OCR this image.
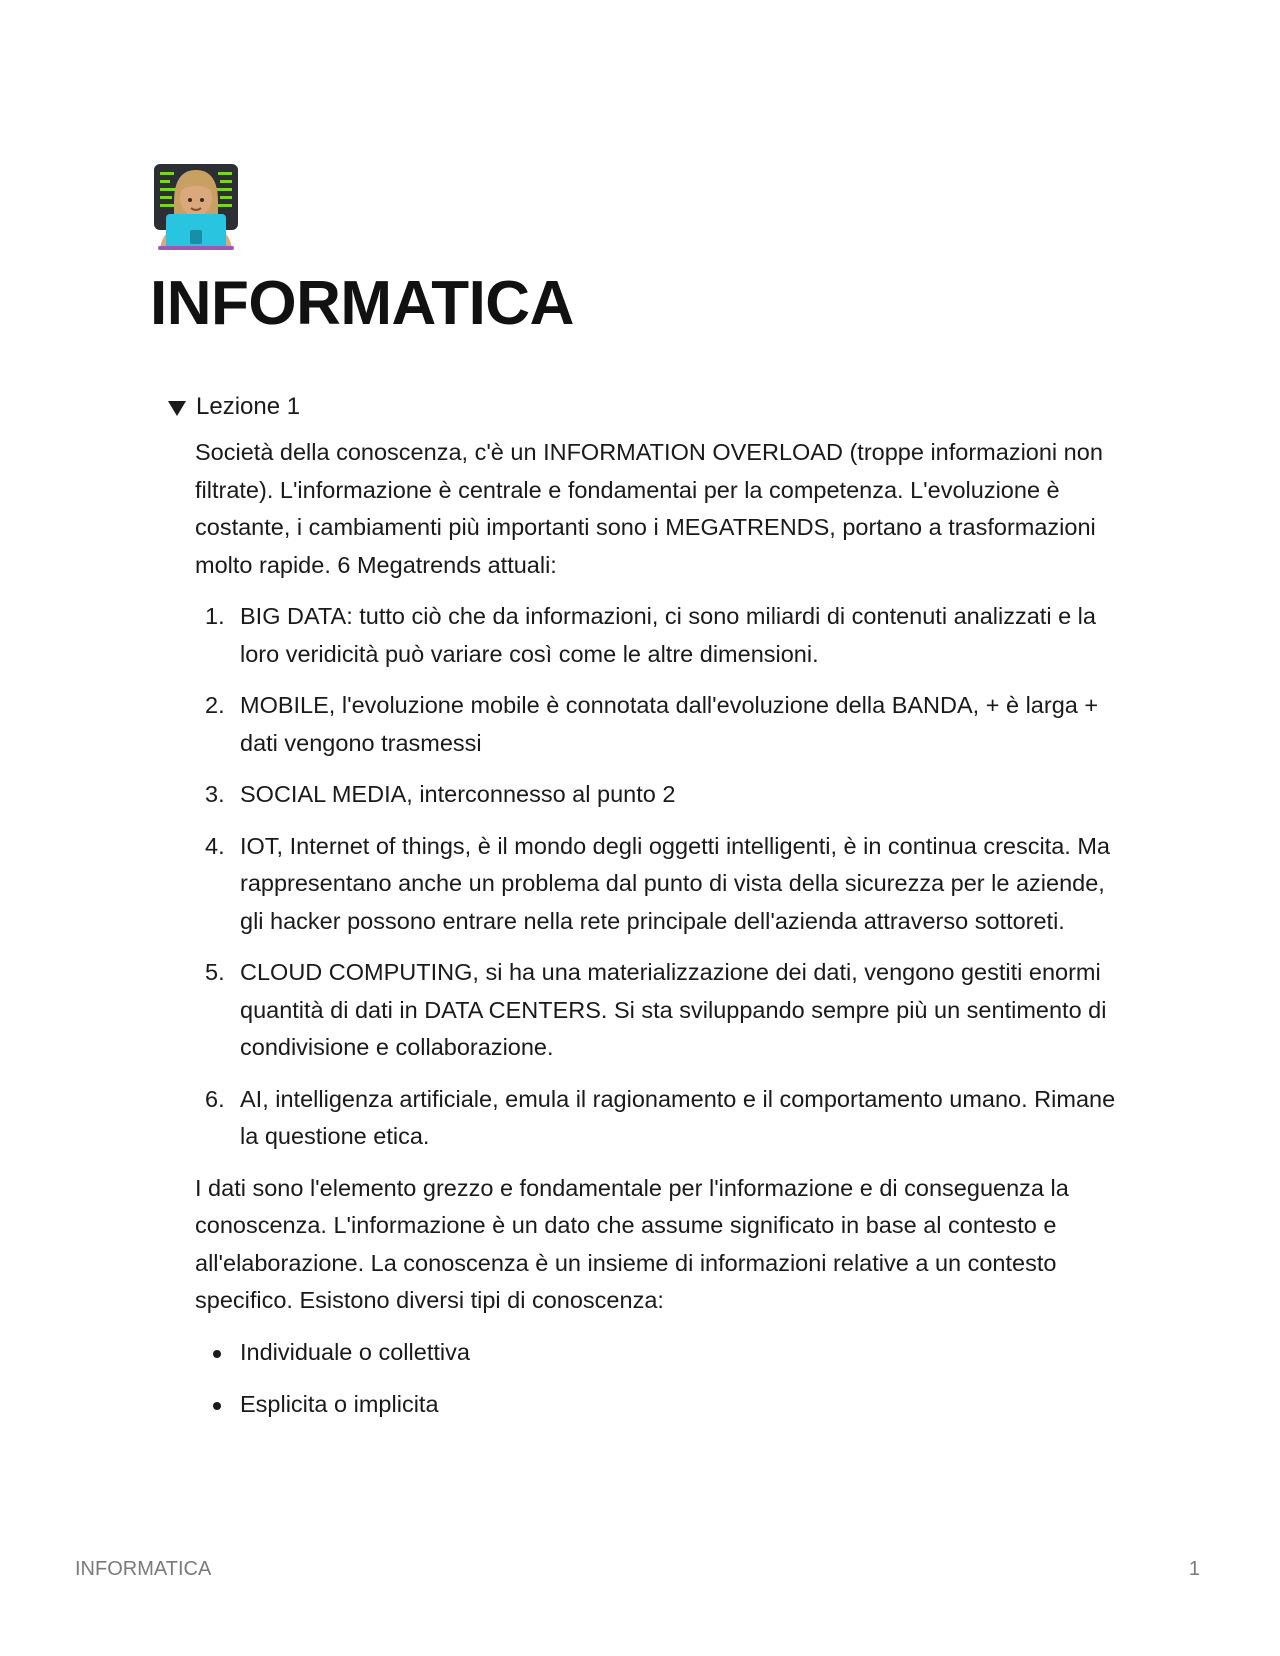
INFORMATICA
Lezione 1

Società della conoscenza, c'è un INFORMATION OVERLOAD (troppe informazioni non filtrate). L'informazione è centrale e fondamentai per la competenza. L'evoluzione è costante, i cambiamenti più importanti sono i MEGATRENDS, portano a trasformazioni molto rapide. 6 Megatrends attuali:

1. BIG DATA: tutto ciò che da informazioni, ci sono miliardi di contenuti analizzati e la loro veridicità può variare così come le altre dimensioni.
2. MOBILE, l'evoluzione mobile è connotata dall'evoluzione della BANDA, + è larga + dati vengono trasmessi
3. SOCIAL MEDIA, interconnesso al punto 2
4. IOT, Internet of things, è il mondo degli oggetti intelligenti, è in continua crescita. Ma rappresentano anche un problema dal punto di vista della sicurezza per le aziende, gli hacker possono entrare nella rete principale dell'azienda attraverso sottoreti.
5. CLOUD COMPUTING, si ha una materializzazione dei dati, vengono gestiti enormi quantità di dati in DATA CENTERS. Si sta sviluppando sempre più un sentimento di condivisione e collaborazione.
6. AI, intelligenza artificiale, emula il ragionamento e il comportamento umano. Rimane la questione etica.

I dati sono l'elemento grezzo e fondamentale per l'informazione e di conseguenza la conoscenza. L'informazione è un dato che assume significato in base al contesto e all'elaborazione. La conoscenza è un insieme di informazioni relative a un contesto specifico. Esistono diversi tipi di conoscenza:

Individuale o collettiva
Esplicita o implicita
INFORMATICA	1
